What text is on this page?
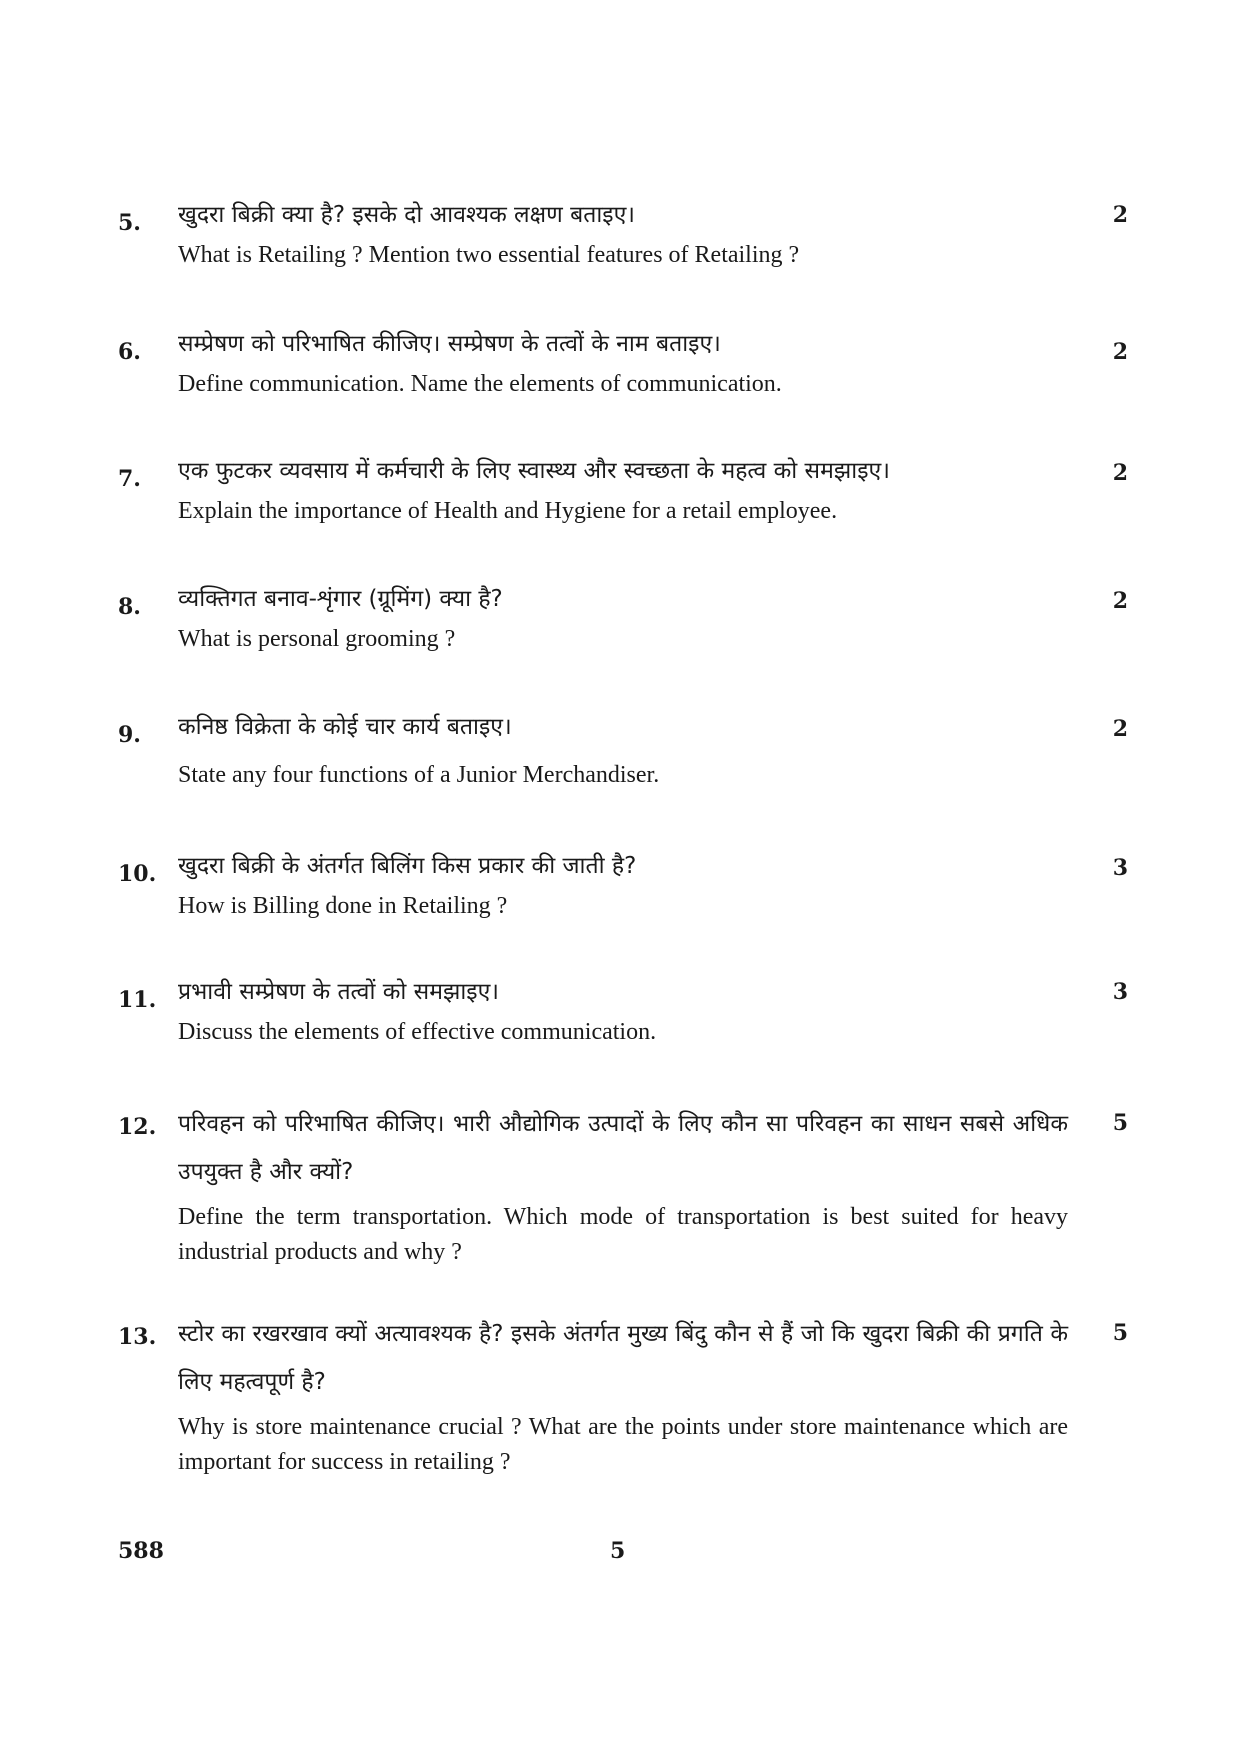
5. खुदरा बिक्री क्या है? इसके दो आवश्यक लक्षण बताइए।

What is Retailing ? Mention two essential features of Retailing ?

2
6. सम्प्रेषण को परिभाषित कीजिए। सम्प्रेषण के तत्वों के नाम बताइए।

Define communication. Name the elements of communication.

2
7. एक फुटकर व्यवसाय में कर्मचारी के लिए स्वास्थ्य और स्वच्छता के महत्व को समझाइए।

Explain the importance of Health and Hygiene for a retail employee.

2
8. व्यक्तिगत बनाव-शृंगार (ग्रूमिंग) क्या है?

What is personal grooming ?

2
9. कनिष्ठ विक्रेता के कोई चार कार्य बताइए।

State any four functions of a Junior Merchandiser.

2
10. खुदरा बिक्री के अंतर्गत बिलिंग किस प्रकार की जाती है?

How is Billing done in Retailing ?

3
11. प्रभावी सम्प्रेषण के तत्वों को समझाइए।

Discuss the elements of effective communication.

3
12. परिवहन को परिभाषित कीजिए। भारी औद्योगिक उत्पादों के लिए कौन सा परिवहन का साधन सबसे अधिक उपयुक्त है और क्यों?

Define the term transportation. Which mode of transportation is best suited for heavy industrial products and why ?

5
13. स्टोर का रखरखाव क्यों अत्यावश्यक है? इसके अंतर्गत मुख्य बिंदु कौन से हैं जो कि खुदरा बिक्री की प्रगति के लिए महत्वपूर्ण है?

Why is store maintenance crucial ? What are the points under store maintenance which are important for success in retailing ?

5
588	5
